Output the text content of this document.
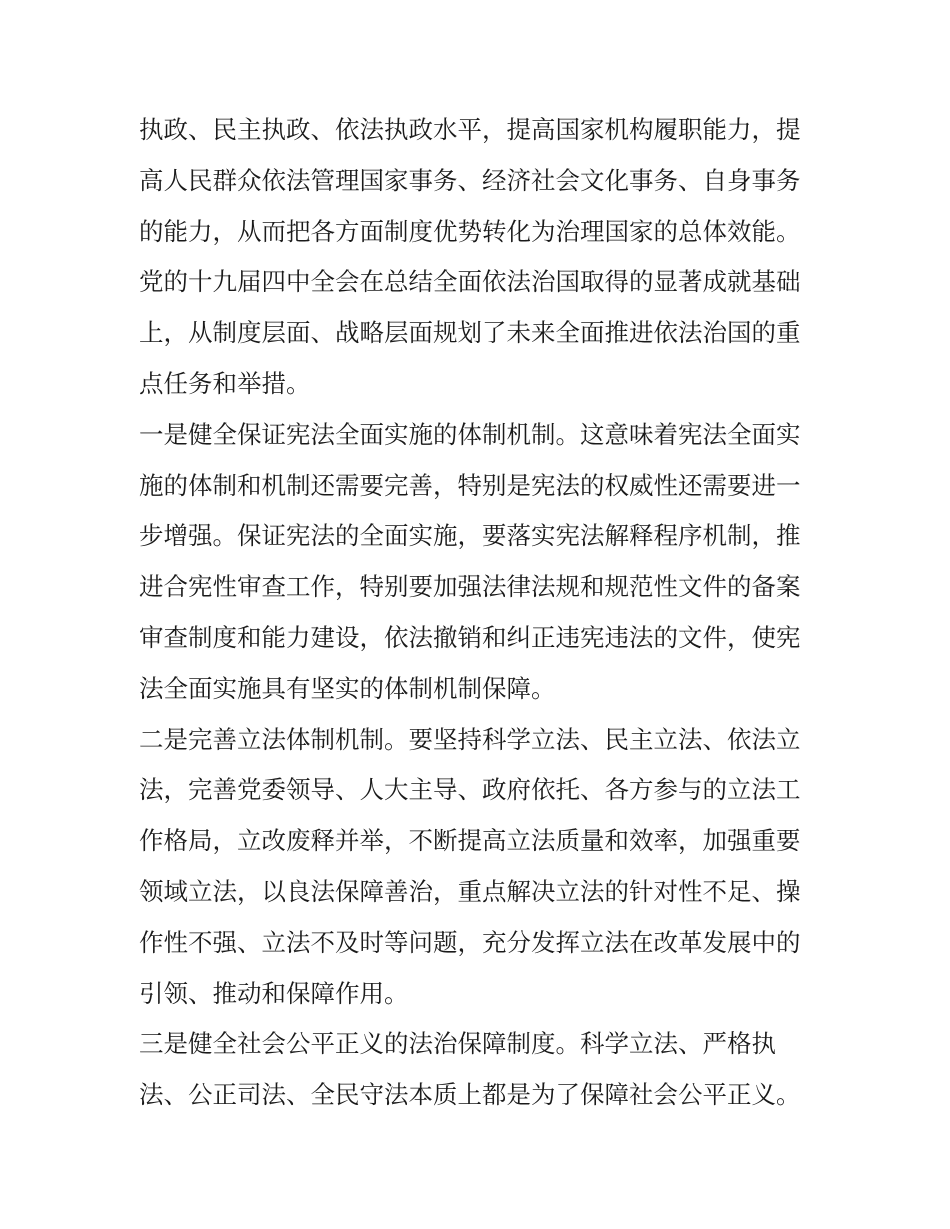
执政、民主执政、依法执政水平，提高国家机构履职能力，提
高人民群众依法管理国家事务、经济社会文化事务、自身事务
的能力，从而把各方面制度优势转化为治理国家的总体效能。
党的十九届四中全会在总结全面依法治国取得的显著成就基础
上，从制度层面、战略层面规划了未来全面推进依法治国的重
点任务和举措。
一是健全保证宪法全面实施的体制机制。这意味着宪法全面实
施的体制和机制还需要完善，特别是宪法的权威性还需要进一
步增强。保证宪法的全面实施，要落实宪法解释程序机制，推
进合宪性审查工作，特别要加强法律法规和规范性文件的备案
审查制度和能力建设，依法撤销和纠正违宪违法的文件，使宪
法全面实施具有坚实的体制机制保障。
二是完善立法体制机制。要坚持科学立法、民主立法、依法立
法，完善党委领导、人大主导、政府依托、各方参与的立法工
作格局，立改废释并举，不断提高立法质量和效率，加强重要
领域立法，以良法保障善治，重点解决立法的针对性不足、操
作性不强、立法不及时等问题，充分发挥立法在改革发展中的
引领、推动和保障作用。
三是健全社会公平正义的法治保障制度。科学立法、严格执
法、公正司法、全民守法本质上都是为了保障社会公平正义。
